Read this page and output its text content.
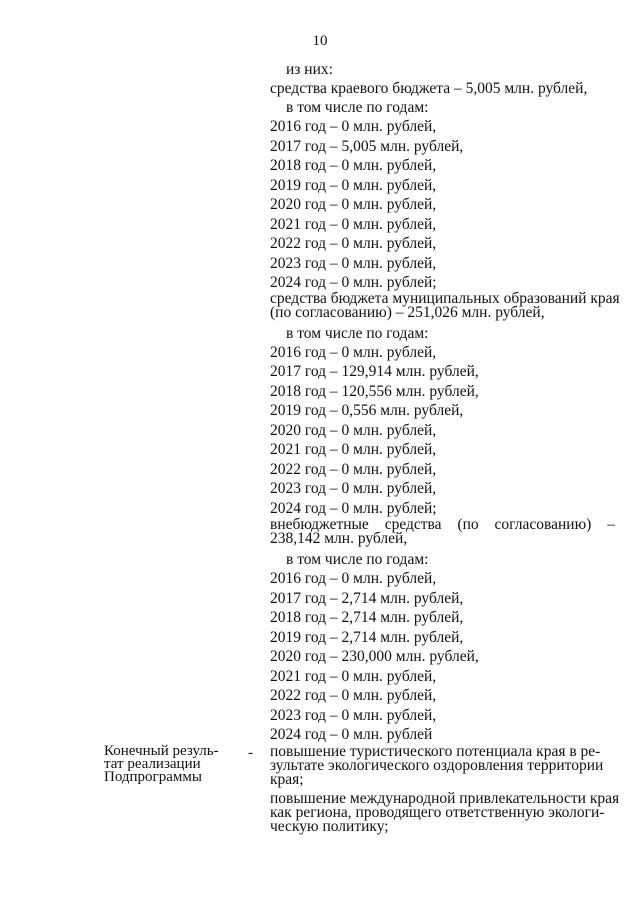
10
из них:
средства краевого бюджета – 5,005 млн. рублей,
в том числе по годам:
2016 год – 0 млн. рублей,
2017 год – 5,005 млн. рублей,
2018 год – 0 млн. рублей,
2019 год – 0 млн. рублей,
2020 год – 0 млн. рублей,
2021 год – 0 млн. рублей,
2022 год – 0 млн. рублей,
2023 год – 0 млн. рублей,
2024 год – 0 млн. рублей;
средства бюджета муниципальных образований края
(по согласованию) – 251,026 млн. рублей,
в том числе по годам:
2016 год – 0 млн. рублей,
2017 год – 129,914 млн. рублей,
2018 год – 120,556 млн. рублей,
2019 год – 0,556 млн. рублей,
2020 год – 0 млн. рублей,
2021 год – 0 млн. рублей,
2022 год – 0 млн. рублей,
2023 год – 0 млн. рублей,
2024 год – 0 млн. рублей;
внебюджетные средства (по согласованию) –
238,142 млн. рублей,
в том числе по годам:
2016 год – 0 млн. рублей,
2017 год – 2,714 млн. рублей,
2018 год – 2,714 млн. рублей,
2019 год – 2,714 млн. рублей,
2020 год – 230,000 млн. рублей,
2021 год – 0 млн. рублей,
2022 год – 0 млн. рублей,
2023 год – 0 млн. рублей,
2024 год – 0 млн. рублей
повышение туристического потенциала края в ре-
зультате экологического оздоровления территории
края;
повышение международной привлекательности края
как региона, проводящего ответственную экологи-
ческую политику;
Конечный резуль-
тат реализации
Подпрограммы
-
